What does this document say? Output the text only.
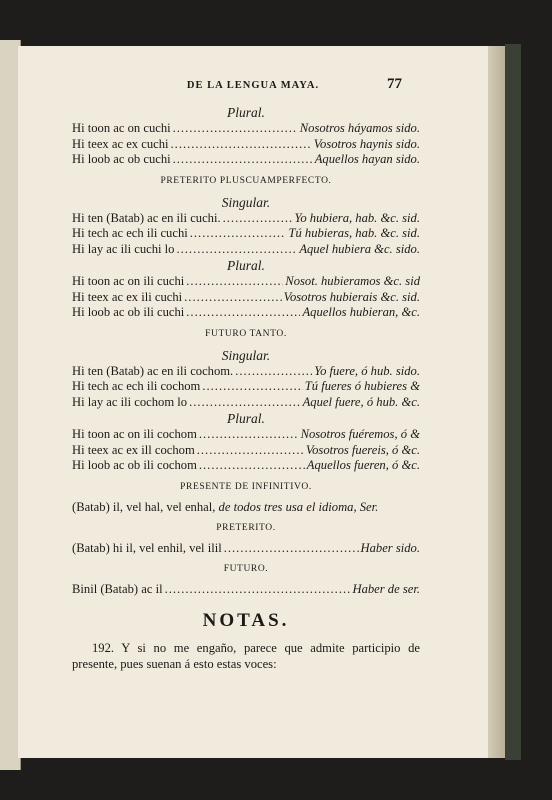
DE LA LENGUA MAYA.	77
Plural.
Hi toon ac on cuchi .....	Nosotros háyamos sido.
Hi teex ac ex cuchi .....	Vosotros haynis sido.
Hi loob ac ob cuchi .....	Aquellos hayan sido.
PRETERITO PLUSCUAMPERFECTO.
Singular.
Hi ten (Batab) ac en ili cuchi. .....	Yo hubiera, hab. &c. sid.
Hi tech ac ech ili cuchi .....	Tú hubieras, hab. &c. sid.
Hi lay ac ili cuchi lo .....	Aquel hubiera &c. sido.
Plural.
Hi toon ac on ili cuchi .....	Nosot. hubieramos &c. sid
Hi teex ac ex ili cuchi .....	Vosotros hubierais &c. sid.
Hi loob ac ob ili cuchi .....	Aquellos hubieran, &c.
FUTURO TANTO.
Singular.
Hi ten (Batab) ac en ili cochom. .....	Yo fuere, ó hub. sido.
Hi tech ac ech ili cochom .....	Tú fueres ó hubieres &
Hi lay ac ili cochom lo .....	Aquel fuere, ó hub. &c.
Plural.
Hi toon ac on ili cochom .....	Nosotros fuéremos, ó &
Hi teex ac ex ill cochom .....	Vosotros fuereis, ó &c.
Hi loob ac ob ili cochom .....	Aquellos fueren, ó &c.
PRESENTE DE INFINITIVO.
(Batab) il, vel hal, vel enhal, de todos tres usa el idioma, Ser.
PRETERITO.
(Batab) hi il, vel enhil, vel ilil .....	Haber sido.
FUTURO.
Binil (Batab) ac il .....	Haber de ser.
NOTAS.

192. Y si no me engaño, parece que admite participio de presente, pues suenan á esto estas voces:
